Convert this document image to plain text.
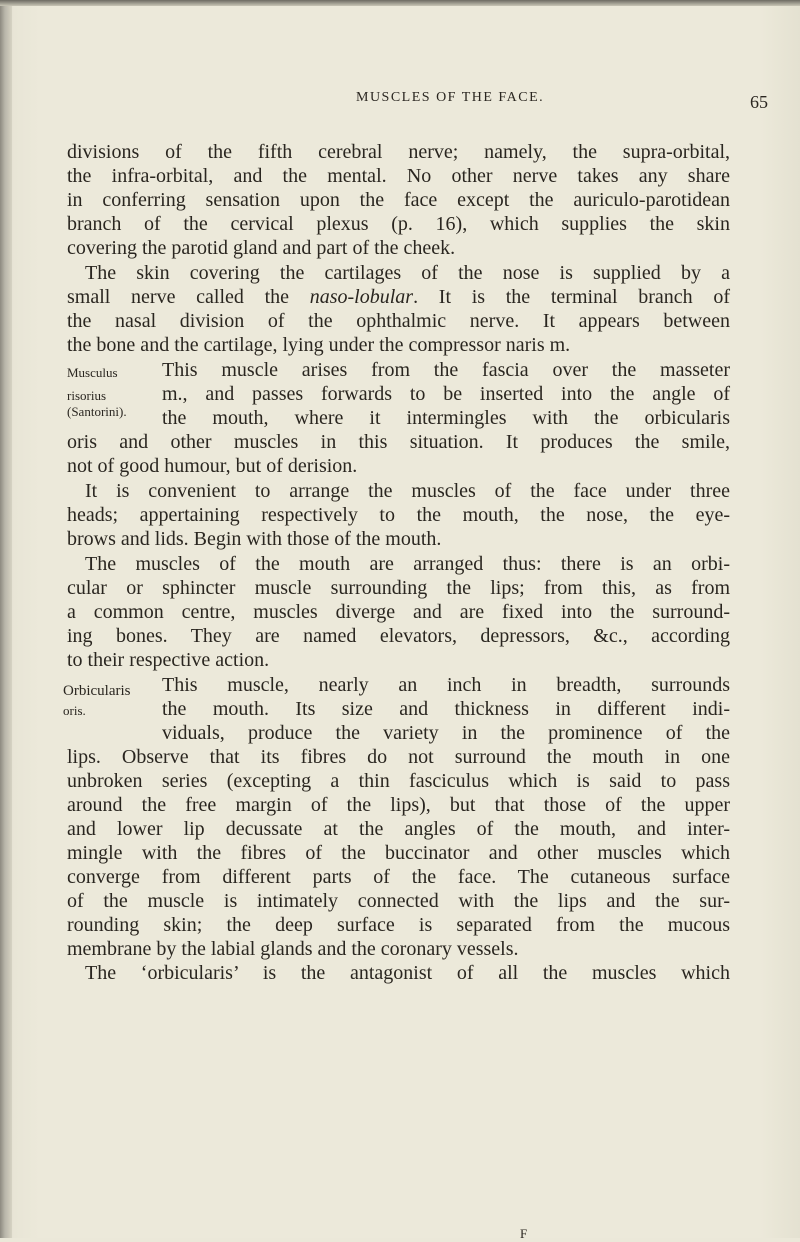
MUSCLES OF THE FACE.	65
divisions of the fifth cerebral nerve; namely, the supra-orbital,
the infra-orbital, and the mental. No other nerve takes any share
in conferring sensation upon the face except the auriculo-parotidean
branch of the cervical plexus (p. 16), which supplies the skin
covering the parotid gland and part of the cheek.
The skin covering the cartilages of the nose is supplied by a
small nerve called the naso-lobular. It is the terminal branch of
the nasal division of the ophthalmic nerve. It appears between
the bone and the cartilage, lying under the compressor naris m.
Musculus
risorius
(Santorini).
This muscle arises from the fascia over the masseter
m., and passes forwards to be inserted into the angle of
the mouth, where it intermingles with the orbicularis
oris and other muscles in this situation. It produces the smile,
not of good humour, but of derision.
It is convenient to arrange the muscles of the face under three
heads; appertaining respectively to the mouth, the nose, the eye-
brows and lids. Begin with those of the mouth.
The muscles of the mouth are arranged thus: there is an orbi-
cular or sphincter muscle surrounding the lips; from this, as from
a common centre, muscles diverge and are fixed into the surround-
ing bones. They are named elevators, depressors, &c., according
to their respective action.
Orbicularis
oris.
This muscle, nearly an inch in breadth, surrounds
the mouth. Its size and thickness in different indi-
viduals, produce the variety in the prominence of the
lips. Observe that its fibres do not surround the mouth in one
unbroken series (excepting a thin fasciculus which is said to pass
around the free margin of the lips), but that those of the upper
and lower lip decussate at the angles of the mouth, and inter-
mingle with the fibres of the buccinator and other muscles which
converge from different parts of the face. The cutaneous surface
of the muscle is intimately connected with the lips and the sur-
rounding skin; the deep surface is separated from the mucous
membrane by the labial glands and the coronary vessels.
The ‘orbicularis’ is the antagonist of all the muscles which
F
